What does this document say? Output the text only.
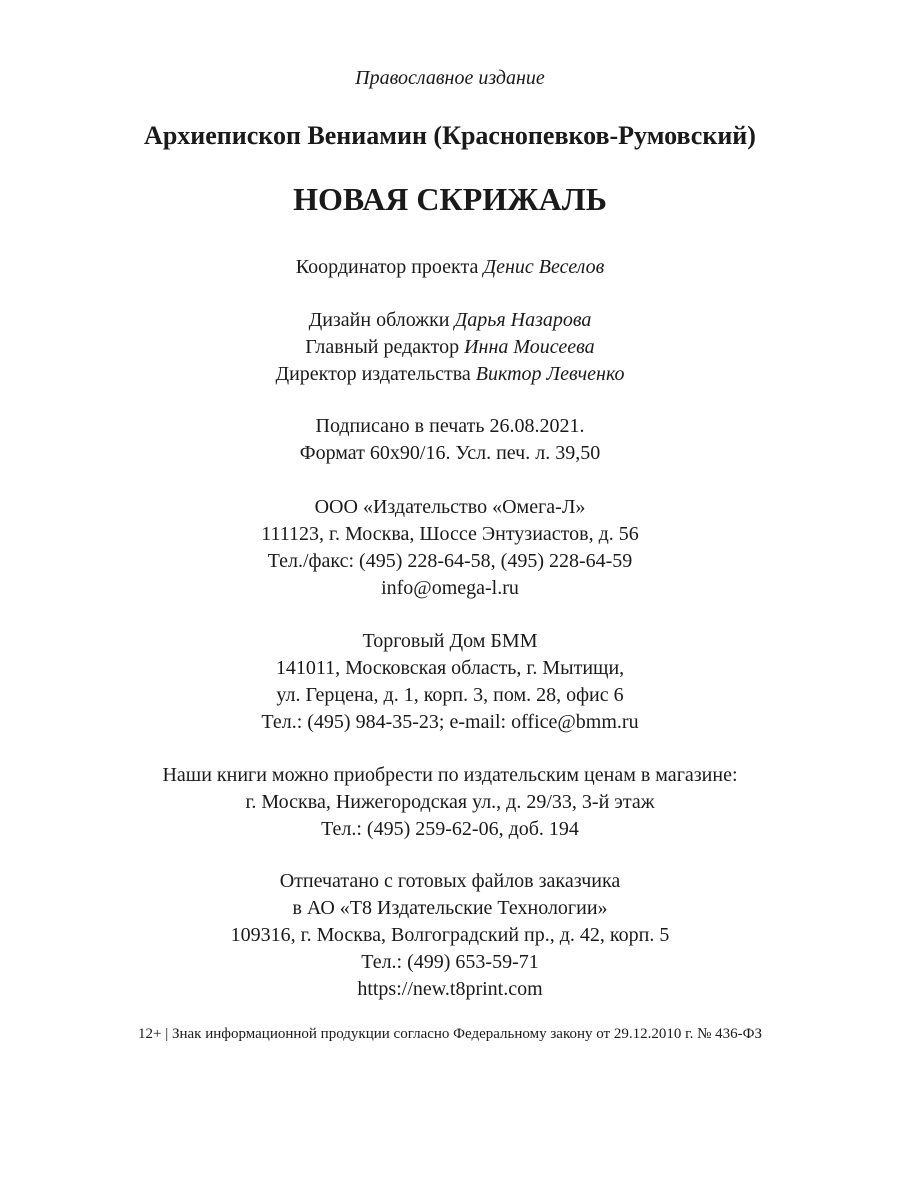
Православное издание
Архиепископ Вениамин (Краснопевков-Румовский)
НОВАЯ СКРИЖАЛЬ
Координатор проекта Денис Веселов
Дизайн обложки Дарья Назарова
Главный редактор Инна Моисеева
Директор издательства Виктор Левченко
Подписано в печать 26.08.2021.
Формат 60x90/16. Усл. печ. л. 39,50
ООО «Издательство «Омега-Л»
111123, г. Москва, Шоссе Энтузиастов, д. 56
Тел./факс: (495) 228-64-58, (495) 228-64-59
info@omega-l.ru
Торговый Дом БММ
141011, Московская область, г. Мытищи,
ул. Герцена, д. 1, корп. 3, пом. 28, офис 6
Тел.: (495) 984-35-23; e-mail: office@bmm.ru
Наши книги можно приобрести по издательским ценам в магазине:
г. Москва, Нижегородская ул., д. 29/33, 3-й этаж
Тел.: (495) 259-62-06, доб. 194
Отпечатано с готовых файлов заказчика
в АО «Т8 Издательские Технологии»
109316, г. Москва, Волгоградский пр., д. 42, корп. 5
Тел.: (499) 653-59-71
https://new.t8print.com
12+ | Знак информационной продукции согласно Федеральному закону от 29.12.2010 г. № 436-ФЗ
